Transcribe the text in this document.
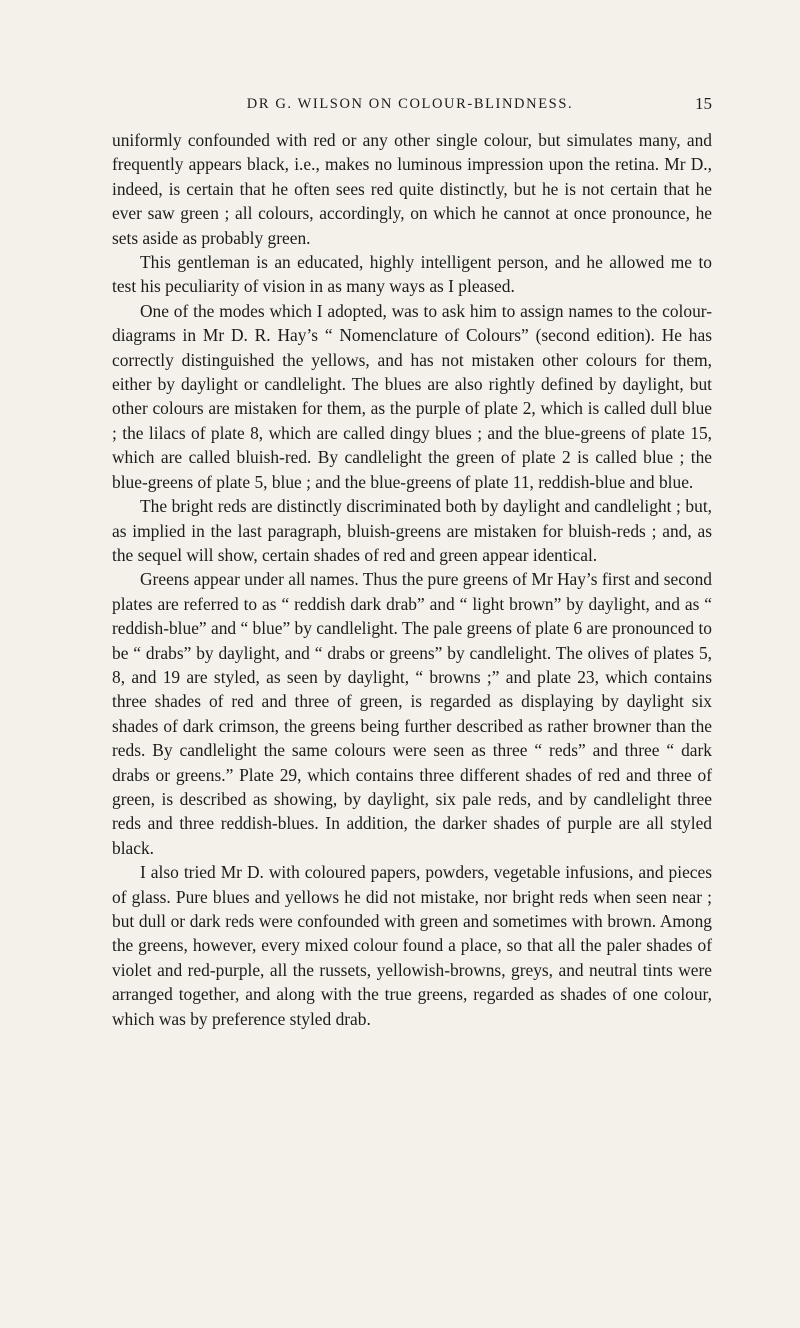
DR G. WILSON ON COLOUR-BLINDNESS.	15

uniformly confounded with red or any other single colour, but simulates many, and frequently appears black, i.e., makes no luminous impression upon the retina. Mr D., indeed, is certain that he often sees red quite distinctly, but he is not certain that he ever saw green ; all colours, accordingly, on which he cannot at once pronounce, he sets aside as probably green.

This gentleman is an educated, highly intelligent person, and he allowed me to test his peculiarity of vision in as many ways as I pleased.

One of the modes which I adopted, was to ask him to assign names to the colour-diagrams in Mr D. R. Hay’s “ Nomenclature of Colours” (second edition). He has correctly distinguished the yellows, and has not mistaken other colours for them, either by daylight or candlelight. The blues are also rightly defined by daylight, but other colours are mistaken for them, as the purple of plate 2, which is called dull blue ; the lilacs of plate 8, which are called dingy blues ; and the blue-greens of plate 15, which are called bluish-red. By candlelight the green of plate 2 is called blue ; the blue-greens of plate 5, blue ; and the blue-greens of plate 11, reddish-blue and blue.

The bright reds are distinctly discriminated both by daylight and candlelight ; but, as implied in the last paragraph, bluish-greens are mistaken for bluish-reds ; and, as the sequel will show, certain shades of red and green appear identical.

Greens appear under all names. Thus the pure greens of Mr Hay’s first and second plates are referred to as “ reddish dark drab” and “ light brown” by daylight, and as “ reddish-blue” and “ blue” by candlelight. The pale greens of plate 6 are pronounced to be “ drabs” by daylight, and “ drabs or greens” by candlelight. The olives of plates 5, 8, and 19 are styled, as seen by daylight, “ browns ;” and plate 23, which contains three shades of red and three of green, is regarded as displaying by daylight six shades of dark crimson, the greens being further described as rather browner than the reds. By candlelight the same colours were seen as three “ reds” and three “ dark drabs or greens.” Plate 29, which contains three different shades of red and three of green, is described as showing, by daylight, six pale reds, and by candlelight three reds and three reddish-blues. In addition, the darker shades of purple are all styled black.

I also tried Mr D. with coloured papers, powders, vegetable infusions, and pieces of glass. Pure blues and yellows he did not mistake, nor bright reds when seen near ; but dull or dark reds were confounded with green and sometimes with brown. Among the greens, however, every mixed colour found a place, so that all the paler shades of violet and red-purple, all the russets, yellowish-browns, greys, and neutral tints were arranged together, and along with the true greens, regarded as shades of one colour, which was by preference styled drab.
